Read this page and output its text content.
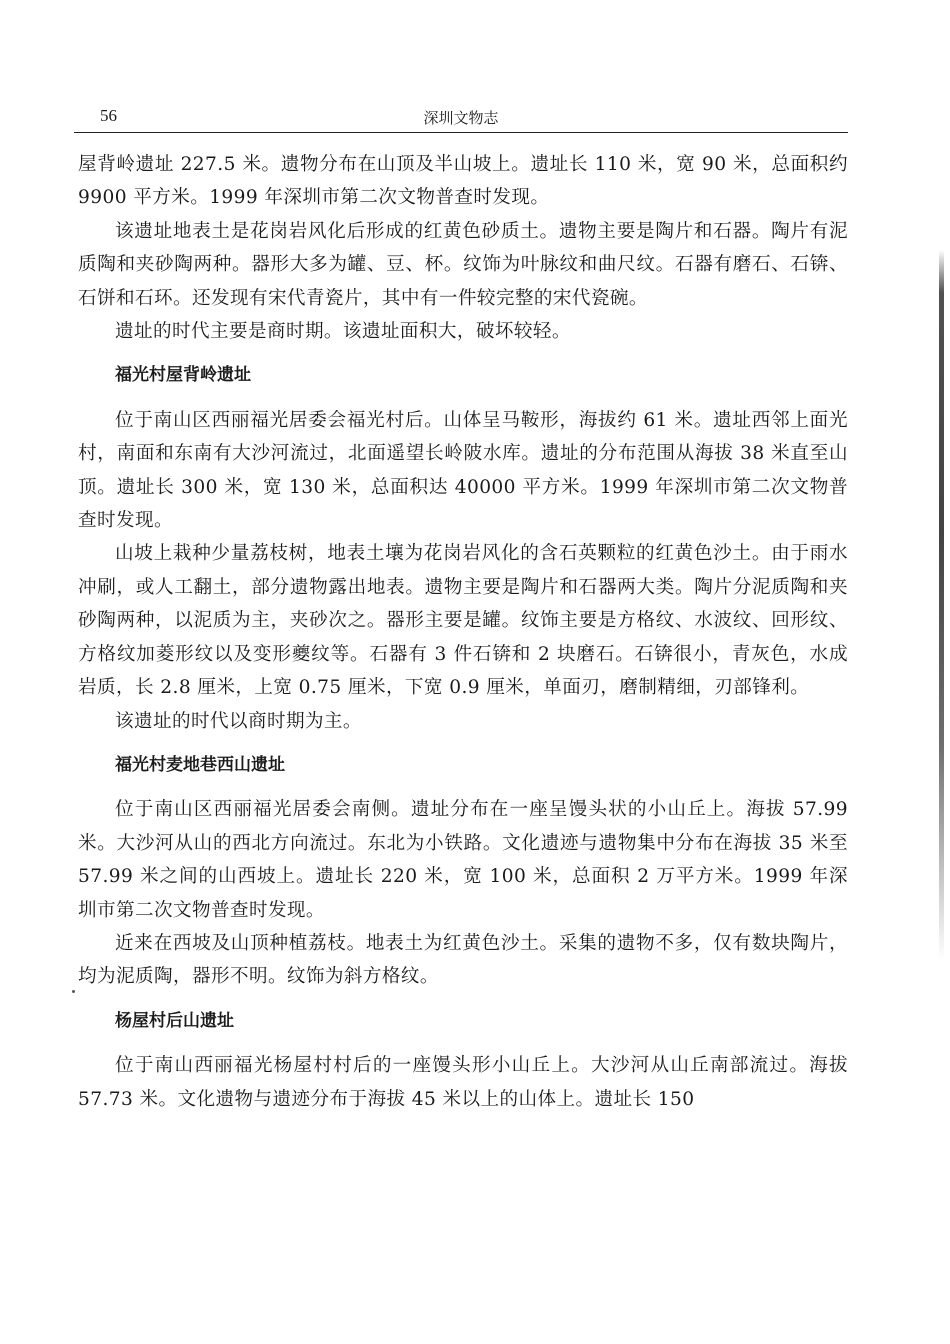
56	深圳文物志

屋背岭遗址 227.5 米。遗物分布在山顶及半山坡上。遗址长 110 米，宽 90 米，总面积约 9900 平方米。1999 年深圳市第二次文物普查时发现。

该遗址地表土是花岗岩风化后形成的红黄色砂质土。遗物主要是陶片和石器。陶片有泥质陶和夹砂陶两种。器形大多为罐、豆、杯。纹饰为叶脉纹和曲尺纹。石器有磨石、石锛、石饼和石环。还发现有宋代青瓷片，其中有一件较完整的宋代瓷碗。

遗址的时代主要是商时期。该遗址面积大，破坏较轻。

福光村屋背岭遗址

位于南山区西丽福光居委会福光村后。山体呈马鞍形，海拔约 61 米。遗址西邻上面光村，南面和东南有大沙河流过，北面遥望长岭陂水库。遗址的分布范围从海拔 38 米直至山顶。遗址长 300 米，宽 130 米，总面积达 40000 平方米。1999 年深圳市第二次文物普查时发现。

山坡上栽种少量荔枝树，地表土壤为花岗岩风化的含石英颗粒的红黄色沙土。由于雨水冲刷，或人工翻土，部分遗物露出地表。遗物主要是陶片和石器两大类。陶片分泥质陶和夹砂陶两种，以泥质为主，夹砂次之。器形主要是罐。纹饰主要是方格纹、水波纹、回形纹、方格纹加菱形纹以及变形夔纹等。石器有 3 件石锛和 2 块磨石。石锛很小，青灰色，水成岩质，长 2.8 厘米，上宽 0.75 厘米，下宽 0.9 厘米，单面刃，磨制精细，刃部锋利。

该遗址的时代以商时期为主。

福光村麦地巷西山遗址

位于南山区西丽福光居委会南侧。遗址分布在一座呈馒头状的小山丘上。海拔 57.99 米。大沙河从山的西北方向流过。东北为小铁路。文化遗迹与遗物集中分布在海拔 35 米至 57.99 米之间的山西坡上。遗址长 220 米，宽 100 米，总面积 2 万平方米。1999 年深圳市第二次文物普查时发现。

近来在西坡及山顶种植荔枝。地表土为红黄色沙土。采集的遗物不多，仅有数块陶片，均为泥质陶，器形不明。纹饰为斜方格纹。

杨屋村后山遗址

位于南山西丽福光杨屋村村后的一座馒头形小山丘上。大沙河从山丘南部流过。海拔 57.73 米。文化遗物与遗迹分布于海拔 45 米以上的山体上。遗址长 150
